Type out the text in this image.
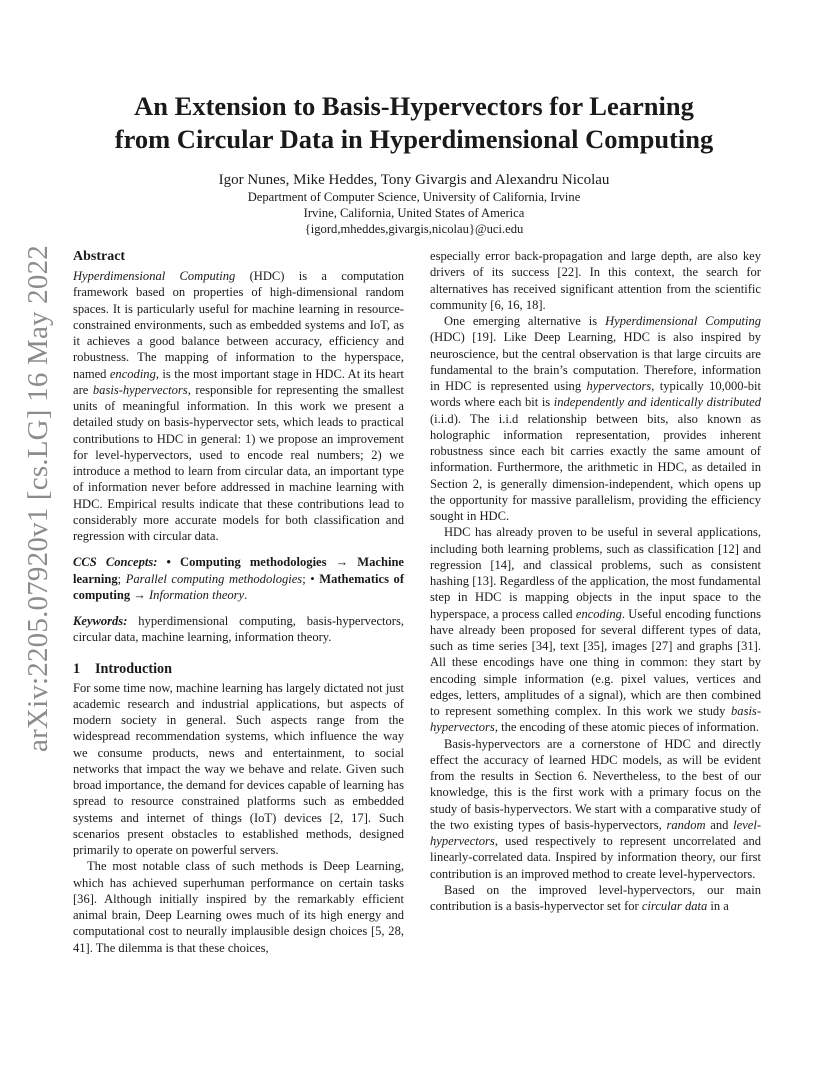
arXiv:2205.07920v1 [cs.LG] 16 May 2022
An Extension to Basis-Hypervectors for Learning
from Circular Data in Hyperdimensional Computing
Igor Nunes, Mike Heddes, Tony Givargis and Alexandru Nicolau
Department of Computer Science, University of California, Irvine
Irvine, California, United States of America
{igord,mheddes,givargis,nicolau}@uci.edu
Abstract

Hyperdimensional Computing (HDC) is a computation framework based on properties of high-dimensional random spaces. It is particularly useful for machine learning in resource-constrained environments, such as embedded systems and IoT, as it achieves a good balance between accuracy, efficiency and robustness. The mapping of information to the hyperspace, named encoding, is the most important stage in HDC. At its heart are basis-hypervectors, responsible for representing the smallest units of meaningful information. In this work we present a detailed study on basis-hypervector sets, which leads to practical contributions to HDC in general: 1) we propose an improvement for level-hypervectors, used to encode real numbers; 2) we introduce a method to learn from circular data, an important type of information never before addressed in machine learning with HDC. Empirical results indicate that these contributions lead to considerably more accurate models for both classification and regression with circular data.

CCS Concepts: • Computing methodologies → Machine learning; Parallel computing methodologies; • Mathematics of computing → Information theory.

Keywords: hyperdimensional computing, basis-hypervectors, circular data, machine learning, information theory.

1 Introduction

For some time now, machine learning has largely dictated not just academic research and industrial applications, but aspects of modern society in general. Such aspects range from the widespread recommendation systems, which influence the way we consume products, news and entertainment, to social networks that impact the way we behave and relate. Given such broad importance, the demand for devices capable of learning has spread to resource constrained platforms such as embedded systems and internet of things (IoT) devices [2, 17]. Such scenarios present obstacles to established methods, designed primarily to operate on powerful servers.

The most notable class of such methods is Deep Learning, which has achieved superhuman performance on certain tasks [36]. Although initially inspired by the remarkably efficient animal brain, Deep Learning owes much of its high energy and computational cost to neurally implausible design choices [5, 28, 41]. The dilemma is that these choices,

especially error back-propagation and large depth, are also key drivers of its success [22]. In this context, the search for alternatives has received significant attention from the scientific community [6, 16, 18].

One emerging alternative is Hyperdimensional Computing (HDC) [19]. Like Deep Learning, HDC is also inspired by neuroscience, but the central observation is that large circuits are fundamental to the brain’s computation. Therefore, information in HDC is represented using hypervectors, typically 10,000-bit words where each bit is independently and identically distributed (i.i.d). The i.i.d relationship between bits, also known as holographic information representation, provides inherent robustness since each bit carries exactly the same amount of information. Furthermore, the arithmetic in HDC, as detailed in Section 2, is generally dimension-independent, which opens up the opportunity for massive parallelism, providing the efficiency sought in HDC.

HDC has already proven to be useful in several applications, including both learning problems, such as classification [12] and regression [14], and classical problems, such as consistent hashing [13]. Regardless of the application, the most fundamental step in HDC is mapping objects in the input space to the hyperspace, a process called encoding. Useful encoding functions have already been proposed for several different types of data, such as time series [34], text [35], images [27] and graphs [31]. All these encodings have one thing in common: they start by encoding simple information (e.g. pixel values, vertices and edges, letters, amplitudes of a signal), which are then combined to represent something complex. In this work we study basis-hypervectors, the encoding of these atomic pieces of information.

Basis-hypervectors are a cornerstone of HDC and directly effect the accuracy of learned HDC models, as will be evident from the results in Section 6. Nevertheless, to the best of our knowledge, this is the first work with a primary focus on the study of basis-hypervectors. We start with a comparative study of the two existing types of basis-hypervectors, random and level-hypervectors, used respectively to represent uncorrelated and linearly-correlated data. Inspired by information theory, our first contribution is an improved method to create level-hypervectors.

Based on the improved level-hypervectors, our main contribution is a basis-hypervector set for circular data in a
